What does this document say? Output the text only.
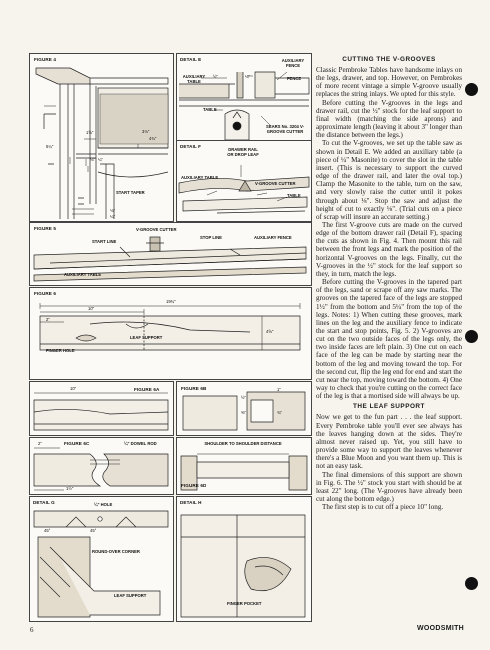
FIGURE 4
1⅝"	3⅛"
4¾"
5¼"
⅛" ¼"
⅛"
¼"
START TAPER
DETAIL E
AUXILIARY TABLE
½"	¼"
AUXILIARY FENCE
FENCE
TABLE
SEARS No. 3204 V-GROOVE CUTTER
DETAIL F
DRAWER RAIL OR DROP LEAF
AUXILIARY TABLE
V-GROOVE CUTTER
TABLE
FIGURE 5	V-GROOVE CUTTER
START LINE
STOP LINE	AUXILIARY FENCE
AUXILIARY TABLE
FIGURE 6
19¾"
10"
2"
4⅝"
LEAF SUPPORT
FINGER HOLE
10"	FIGURE 6A	FIGURE 6B
½"
1"
⅜"	¾"
2"	FIGURE 6C	¼" DOWEL ROD
1½"
SHOULDER TO SHOULDER DISTANCE
FIGURE 6D
DETAIL G	¼" HOLE
45°	45°
ROUND-OVER CORNER
LEAF SUPPORT
DETAIL H
FINGER POCKET
CUTTING THE V-GROOVES

Classic Pembroke Tables have handsome inlays on the legs, drawer, and top. However, on Pembrokes of more recent vintage a simple V-groove usually replaces the string inlays. We opted for this style.

Before cutting the V-grooves in the legs and drawer rail, cut the ½" stock for the leaf support to final width (matching the side aprons) and approximate length (leaving it about 3" longer than the distance between the legs.)

To cut the V-grooves, we set up the table saw as shown in Detail E. We added an auxiliary table (a piece of ¼" Masonite) to cover the slot in the table insert. (This is necessary to support the curved edge of the drawer rail, and later the oval top.) Clamp the Masonite to the table, turn on the saw, and very slowly raise the cutter until it pokes through about ⅛". Stop the saw and adjust the height of cut to exactly ⅛". (Trial cuts on a piece of scrap will insure an accurate setting.)

The first V-groove cuts are made on the curved edge of the bottom drawer rail (Detail F), spacing the cuts as shown in Fig. 4. Then mount this rail between the front legs and mark the position of the horizontal V-grooves on the legs. Finally, cut the V-grooves in the ½" stock for the leaf support so they, in turn, match the legs.

Before cutting the V-grooves in the tapered part of the legs, sand or scrape off any saw marks. The grooves on the tapered face of the legs are stopped 1½" from the bottom and 5¼" from the top of the legs. Notes: 1) When cutting these grooves, mark lines on the leg and the auxiliary fence to indicate the start and stop points, Fig. 5. 2) V-grooves are cut on the two outside faces of the legs only, the two inside faces are left plain. 3) One cut on each face of the leg can be made by starting near the bottom of the leg and moving toward the top. For the second cut, flip the leg end for end and start the cut near the top, moving toward the bottom. 4) One way to check that you're cutting on the correct face of the leg is that a mortised side will always be up.

THE LEAF SUPPORT

Now we get to the fun part . . . the leaf support. Every Pembroke table you'll ever see always has the leaves hanging down at the sides. They're almost never raised up. Yet, you still have to provide some way to support the leaves whenever there's a Blue Moon and you want them up. This is not an easy task.

The final dimensions of this support are shown in Fig. 6. The ½" stock you start with should be at least 22" long. (The V-grooves have already been cut along the bottom edge.)

The first step is to cut off a piece 10" long.

6	WOODSMITH
